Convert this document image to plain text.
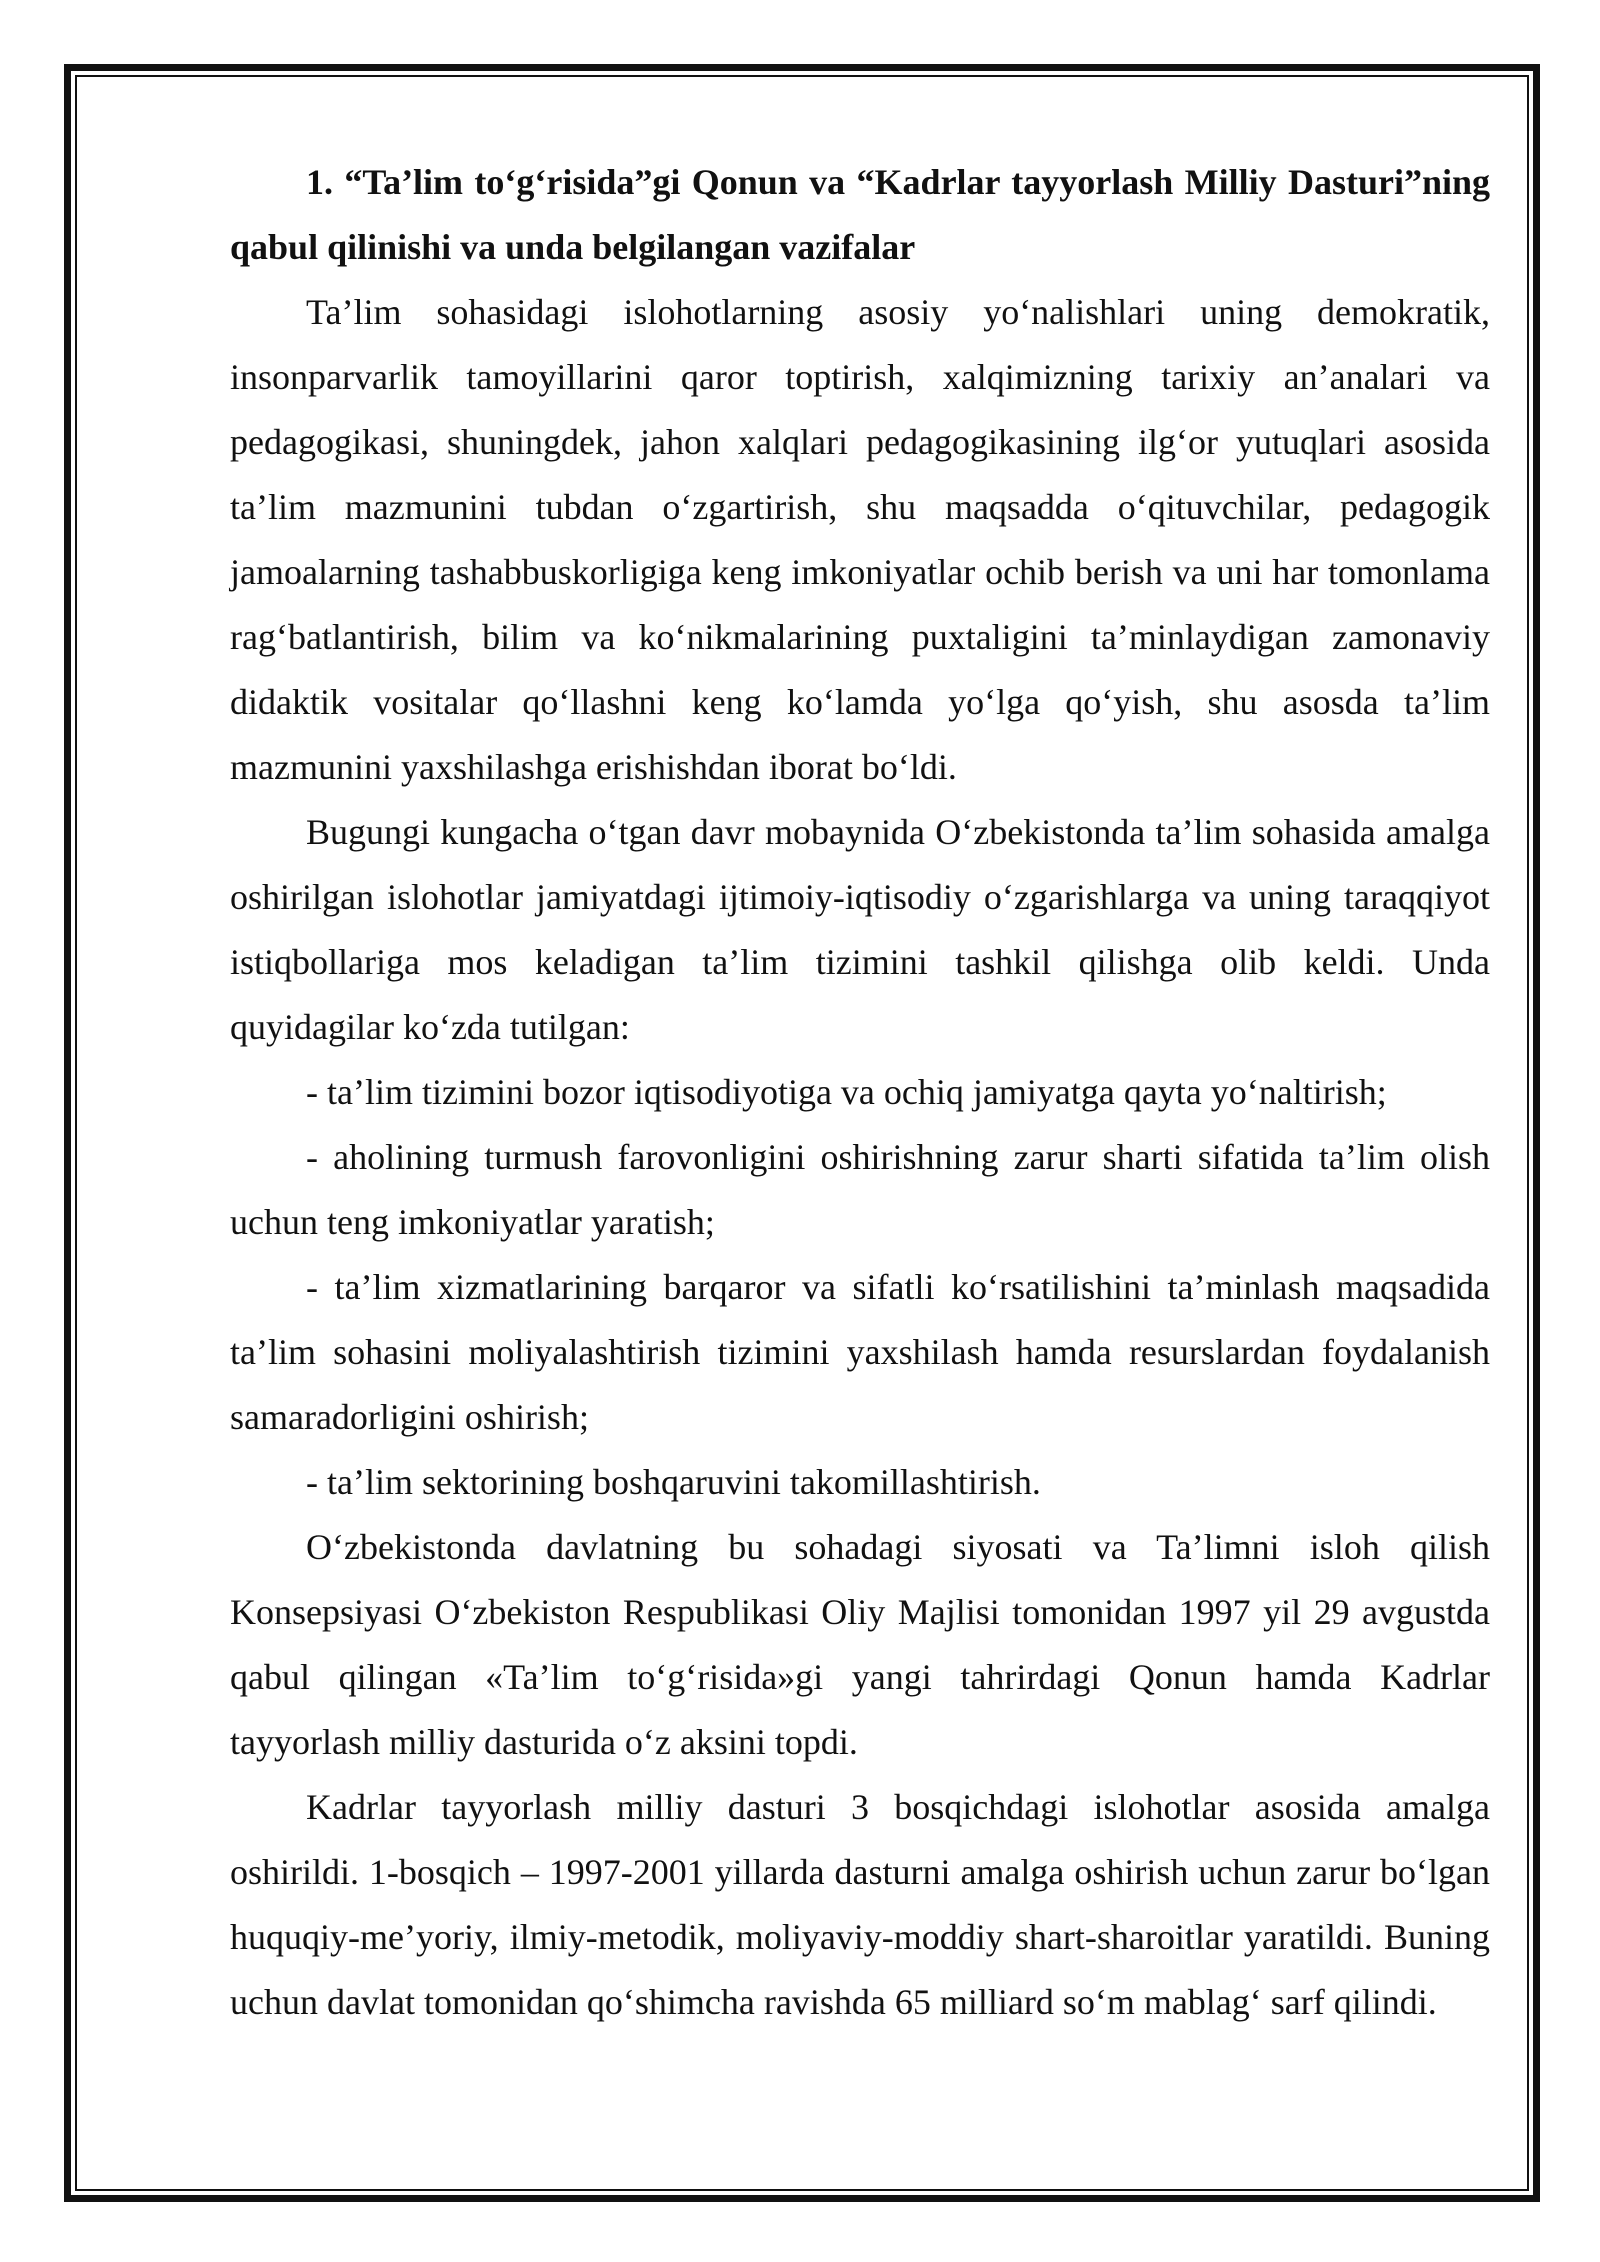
1. “Ta’lim to‘g‘risida”gi Qonun va “Kadrlar tayyorlash Milliy Dasturi”ning qabul qilinishi va unda belgilangan vazifalar

Ta’lim sohasidagi islohotlarning asosiy yo‘nalishlari uning demokratik, insonparvarlik tamoyillarini qaror toptirish, xalqimizning tarixiy an’analari va pedagogikasi, shuningdek, jahon xalqlari pedagogikasining ilg‘or yutuqlari asosida ta’lim mazmunini tubdan o‘zgartirish, shu maqsadda o‘qituvchilar, pedagogik jamoalarning tashabbuskorligiga keng imkoniyatlar ochib berish va uni har tomonlama rag‘batlantirish, bilim va ko‘nikmalarining puxtaligini ta’minlaydigan zamonaviy didaktik vositalar qo‘llashni keng ko‘lamda yo‘lga qo‘yish, shu asosda ta’lim mazmunini yaxshilashga erishishdan iborat bo‘ldi.

Bugungi kungacha o‘tgan davr mobaynida O‘zbekistonda ta’lim sohasida amalga oshirilgan islohotlar jamiyatdagi ijtimoiy-iqtisodiy o‘zgarishlarga va uning taraqqiyot istiqbollariga mos keladigan ta’lim tizimini tashkil qilishga olib keldi. Unda quyidagilar ko‘zda tutilgan:

- ta’lim tizimini bozor iqtisodiyotiga va ochiq jamiyatga qayta yo‘naltirish;

- aholining turmush farovonligini oshirishning zarur sharti sifatida ta’lim olish uchun teng imkoniyatlar yaratish;

- ta’lim xizmatlarining barqaror va sifatli ko‘rsatilishini ta’minlash maqsadida ta’lim sohasini moliyalashtirish tizimini yaxshilash hamda resurslardan foydalanish samaradorligini oshirish;

- ta’lim sektorining boshqaruvini takomillashtirish.

O‘zbekistonda davlatning bu sohadagi siyosati va Ta’limni isloh qilish Konsepsiyasi O‘zbekiston Respublikasi Oliy Majlisi tomonidan 1997 yil 29 avgustda qabul qilingan «Ta’lim to‘g‘risida»gi yangi tahrirdagi Qonun hamda Kadrlar tayyorlash milliy dasturida o‘z aksini topdi.

Kadrlar tayyorlash milliy dasturi 3 bosqichdagi islohotlar asosida amalga oshirildi. 1-bosqich – 1997-2001 yillarda dasturni amalga oshirish uchun zarur bo‘lgan huquqiy-me’yoriy, ilmiy-metodik, moliyaviy-moddiy shart-sharoitlar yaratildi. Buning uchun davlat tomonidan qo‘shimcha ravishda 65 milliard so‘m mablag‘ sarf qilindi.
